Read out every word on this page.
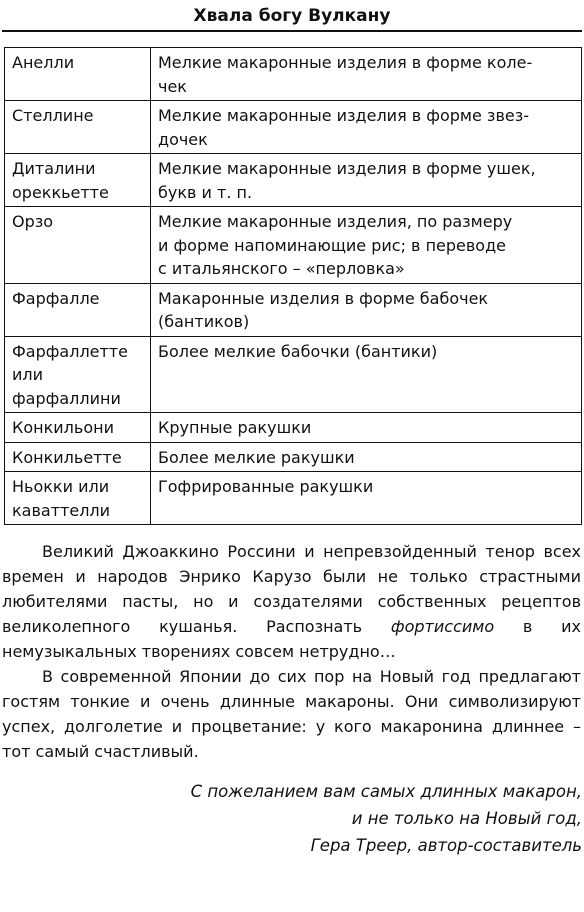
Хвала богу Вулкану
Анелли	Мелкие макаронные изделия в форме коле-
чек
Стеллине	Мелкие макаронные изделия в форме звез-
дочек
Диталини
ореккьетте	Мелкие макаронные изделия в форме ушек,
букв и т. п.
Орзо	Мелкие макаронные изделия, по размеру
и форме напоминающие рис; в переводе
с итальянского – «перловка»
Фарфалле	Макаронные изделия в форме бабочек
(бантиков)
Фарфаллетте
или
фарфаллини	Более мелкие бабочки (бантики)
Конкильони	Крупные ракушки
Конкильетте	Более мелкие ракушки
Ньокки или
каваттелли	Гофрированные ракушки

Великий Джоаккино Россини и непревзойденный тенор всех времен и народов Энрико Карузо были не только страстными любителями пасты, но и создателями собственных рецептов великолепного кушанья. Распознать фортиссимо в их немузыкальных творениях совсем нетрудно…

В современной Японии до сих пор на Новый год предлагают гостям тонкие и очень длинные макароны. Они символизируют успех, долголетие и процветание: у кого макаронина длиннее – тот самый счастливый.

С пожеланием вам самых длинных макарон,
и не только на Новый год,
Гера Треер, автор-составитель
